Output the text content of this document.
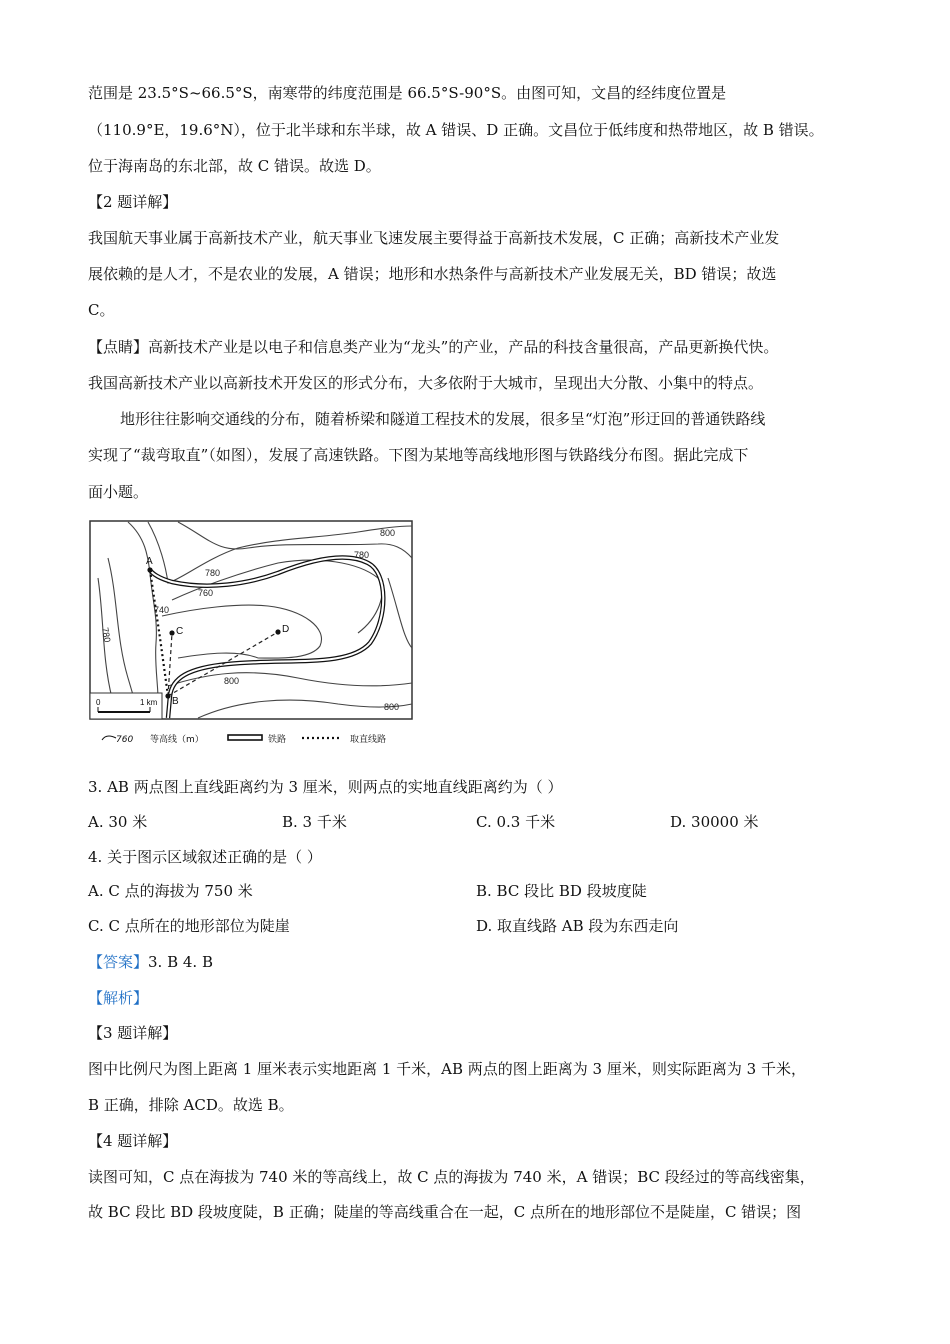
范围是 23.5°S~66.5°S，南寒带的纬度范围是 66.5°S-90°S。由图可知，文昌的经纬度位置是
（110.9°E，19.6°N），位于北半球和东半球，故 A 错误、D 正确。文昌位于低纬度和热带地区，故 B 错误。
位于海南岛的东北部，故 C 错误。故选 D。
【2 题详解】
我国航天事业属于高新技术产业，航天事业飞速发展主要得益于高新技术发展，C 正确；高新技术产业发
展依赖的是人才，不是农业的发展，A 错误；地形和水热条件与高新技术产业发展无关，BD 错误；故选
C。
【点睛】高新技术产业是以电子和信息类产业为“龙头”的产业，产品的科技含量很高，产品更新换代快。
我国高新技术产业以高新技术开发区的形式分布，大多依附于大城市，呈现出大分散、小集中的特点。
地形往往影响交通线的分布，随着桥梁和隧道工程技术的发展，很多呈“灯泡”形迂回的普通铁路线
实现了“裁弯取直”（如图），发展了高速铁路。下图为某地等高线地形图与铁路线分布图。据此完成下
面小题。
A
B
C	D
800
780
780
760
740
780
800
800
0	1 km
760 等高线（m）	铁路	取直线路
3. AB 两点图上直线距离约为 3 厘米，则两点的实地直线距离约为（ ）
A. 30 米	B. 3 千米	C. 0.3 千米	D. 30000 米
4. 关于图示区域叙述正确的是（ ）
A. C 点的海拔为 750 米	B. BC 段比 BD 段坡度陡
C. C 点所在的地形部位为陡崖	D. 取直线路 AB 段为东西走向
【答案】3. B 4. B
【解析】
【3 题详解】
图中比例尺为图上距离 1 厘米表示实地距离 1 千米，AB 两点的图上距离为 3 厘米，则实际距离为 3 千米，
B 正确，排除 ACD。故选 B。
【4 题详解】
读图可知，C 点在海拔为 740 米的等高线上，故 C 点的海拔为 740 米，A 错误；BC 段经过的等高线密集，
故 BC 段比 BD 段坡度陡，B 正确；陡崖的等高线重合在一起，C 点所在的地形部位不是陡崖，C 错误；图
